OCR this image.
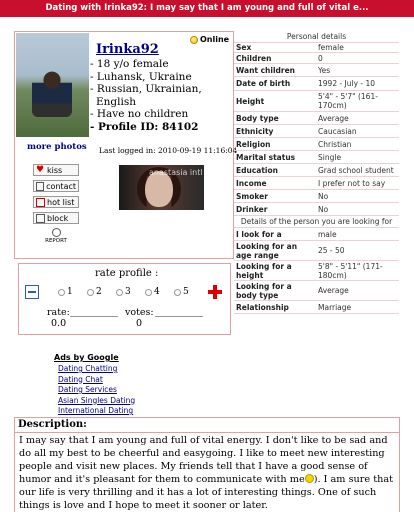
Dating with Irinka92: I may say that I am young and full of vital e...
Online
Irinka92
- 18 y/o female
- Luhansk, Ukraine
- Russian, Ukrainian, English
- Have no children
- Profile ID: 84102
more photos Last logged in: 2010-09-19 11:16:04
♥ kiss
contact
hot list
block
REPORT
anastasia intl
Personal details	
Sex	female
Children	0
Want children	Yes
Date of birth	1992 - July - 10
Height	5'4" - 5'7" (161-170cm)
Body type	Average
Ethnicity	Caucasian
Religion	Christian
Marital status	Single
Education	Grad school student
Income	I prefer not to say
Smoker	No
Drinker	No
Details of the person you are looking for	
I look for a	male
Looking for an age range	25 - 50
Looking for a height	5'8" - 5'11" (171-180cm)
Looking for a body type	Average
Relationship	Marriage
rate profile :
1	2	3	4	5
rate:	votes:
0.0	0
Ads by Google
Dating Chatting
Dating Chat
Dating Services
Asian Singles Dating
International Dating
Description:
I may say that I am young and full of vital energy. I don't like to be sad and do all my best to be cheerful and easygoing. I like to meet new interesting people and visit new places. My friends tell that I have a good sense of humor and it's pleasant for them to communicate with me ). I am sure that our life is very thrilling and it has a lot of interesting things. One of such things is love and I hope to meet it sooner or later.
